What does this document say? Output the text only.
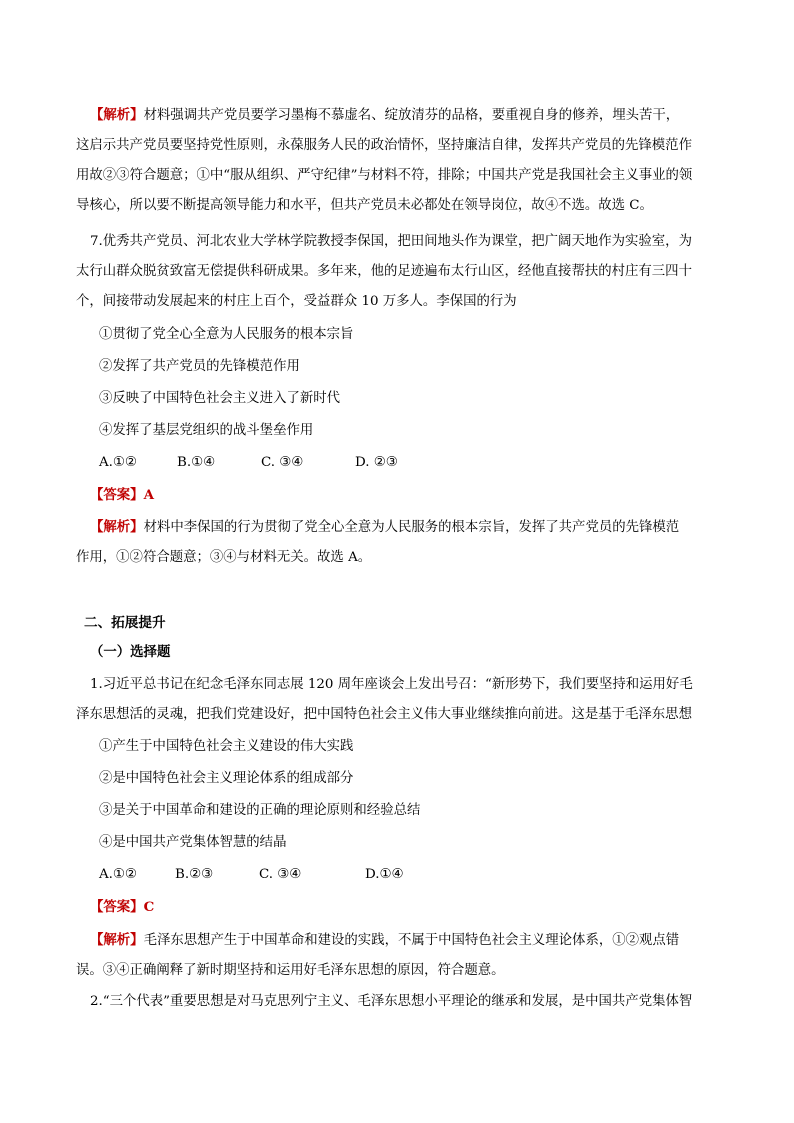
【解析】材料强调共产党员要学习墨梅不慕虚名、绽放清芬的品格，要重视自身的修养，埋头苦干，
这启示共产党员要坚持党性原则，永葆服务人民的政治情怀，坚持廉洁自律，发挥共产党员的先锋模范作
用故②③符合题意；①中“服从组织、严守纪律”与材料不符，排除；中国共产党是我国社会主义事业的领
导核心，所以要不断提高领导能力和水平，但共产党员未必都处在领导岗位，故④不选。故选 C。
7.优秀共产党员、河北农业大学林学院教授李保国，把田间地头作为课堂，把广阔天地作为实验室，为
太行山群众脱贫致富无偿提供科研成果。多年来，他的足迹遍布太行山区，经他直接帮扶的村庄有三四十
个，间接带动发展起来的村庄上百个，受益群众 10 万多人。李保国的行为
①贯彻了党全心全意为人民服务的根本宗旨
②发挥了共产党员的先锋模范作用
③反映了中国特色社会主义进入了新时代
④发挥了基层党组织的战斗堡垒作用
A.①②	B.①④	C. ③④	D. ②③
【答案】A
【解析】材料中李保国的行为贯彻了党全心全意为人民服务的根本宗旨，发挥了共产党员的先锋模范
作用，①②符合题意；③④与材料无关。故选 A。
二、拓展提升
（一）选择题
1.习近平总书记在纪念毛泽东同志展 120 周年座谈会上发出号召：“新形势下，我们要坚持和运用好毛
泽东思想活的灵魂，把我们党建设好，把中国特色社会主义伟大事业继续推向前进。这是基于毛泽东思想
①产生于中国特色社会主义建设的伟大实践
②是中国特色社会主义理论体系的组成部分
③是关于中国革命和建设的正确的理论原则和经验总结
④是中国共产党集体智慧的结晶
A.①②	B.②③	C. ③④	D.①④
【答案】C
【解析】毛泽东思想产生于中国革命和建设的实践，不属于中国特色社会主义理论体系，①②观点错
误。③④正确阐释了新时期坚持和运用好毛泽东思想的原因，符合题意。
2.“三个代表”重要思想是对马克思列宁主义、毛泽东思想小平理论的继承和发展，是中国共产党集体智
